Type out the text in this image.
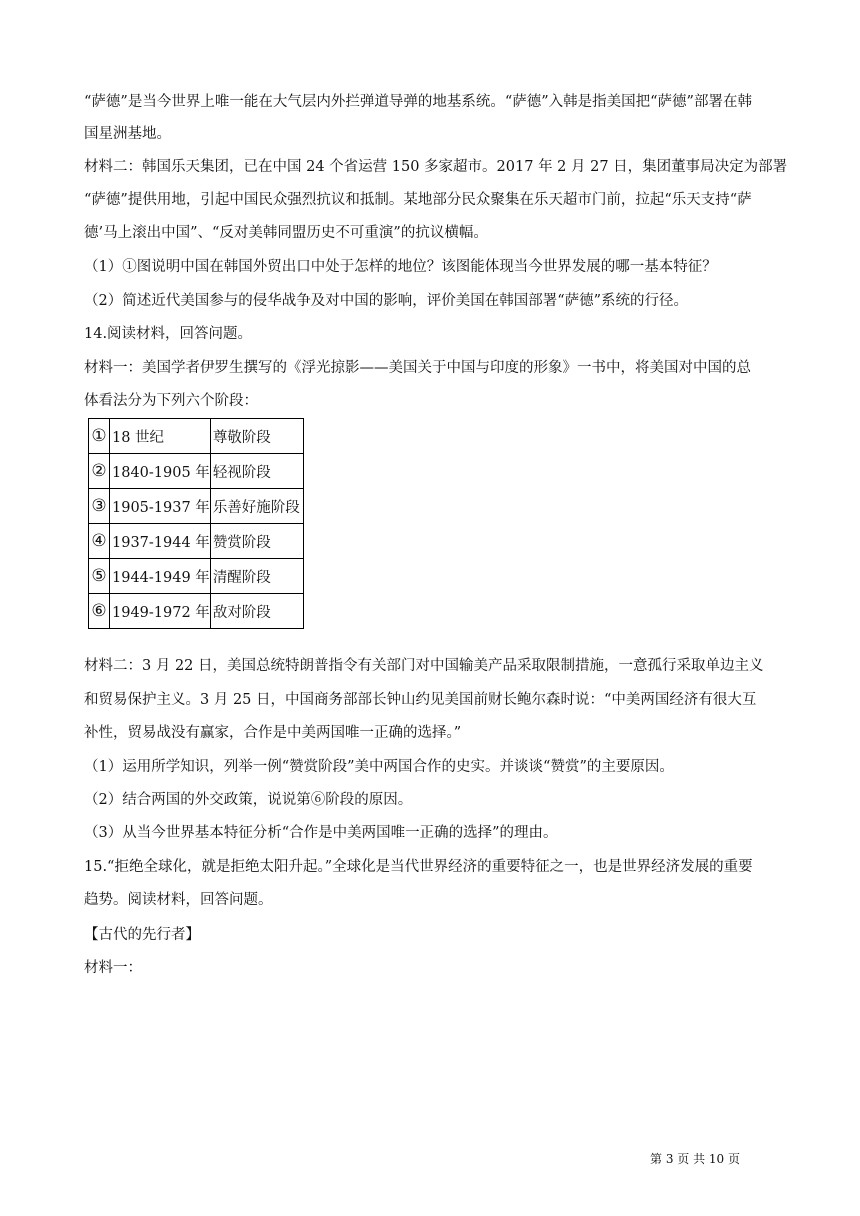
“萨德”是当今世界上唯一能在大气层内外拦弹道导弹的地基系统。“萨德”入韩是指美国把“萨德”部署在韩
国星洲基地。
材料二：韩国乐天集团，已在中国 24 个省运营 150 多家超市。2017 年 2 月 27 日，集团董事局决定为部署
“萨德”提供用地，引起中国民众强烈抗议和抵制。某地部分民众聚集在乐天超市门前，拉起“乐天支持“萨
德’马上滚出中国”、“反对美韩同盟历史不可重演”的抗议横幅。
（1）①图说明中国在韩国外贸出口中处于怎样的地位？该图能体现当今世界发展的哪一基本特征？
（2）简述近代美国参与的侵华战争及对中国的影响，评价美国在韩国部署“萨德”系统的行径。
14.阅读材料，回答问题。
材料一：美国学者伊罗生撰写的《浮光掠影——美国关于中国与印度的形象》一书中，将美国对中国的总
体看法分为下列六个阶段：
①	18 世纪	尊敬阶段
②	1840-1905 年	轻视阶段
③	1905-1937 年	乐善好施阶段
④	1937-1944 年	赞赏阶段
⑤	1944-1949 年	清醒阶段
⑥	1949-1972 年	敌对阶段
材料二：3 月 22 日，美国总统特朗普指令有关部门对中国输美产品采取限制措施，一意孤行采取单边主义
和贸易保护主义。3 月 25 日，中国商务部部长钟山约见美国前财长鲍尔森时说：“中美两国经济有很大互
补性，贸易战没有赢家，合作是中美两国唯一正确的选择。”
（1）运用所学知识，列举一例“赞赏阶段”美中两国合作的史实。并谈谈“赞赏”的主要原因。
（2）结合两国的外交政策，说说第⑥阶段的原因。
（3）从当今世界基本特征分析“合作是中美两国唯一正确的选择”的理由。
15.“拒绝全球化，就是拒绝太阳升起。”全球化是当代世界经济的重要特征之一，也是世界经济发展的重要
趋势。阅读材料，回答问题。
【古代的先行者】
材料一：
第 3 页 共 10 页
